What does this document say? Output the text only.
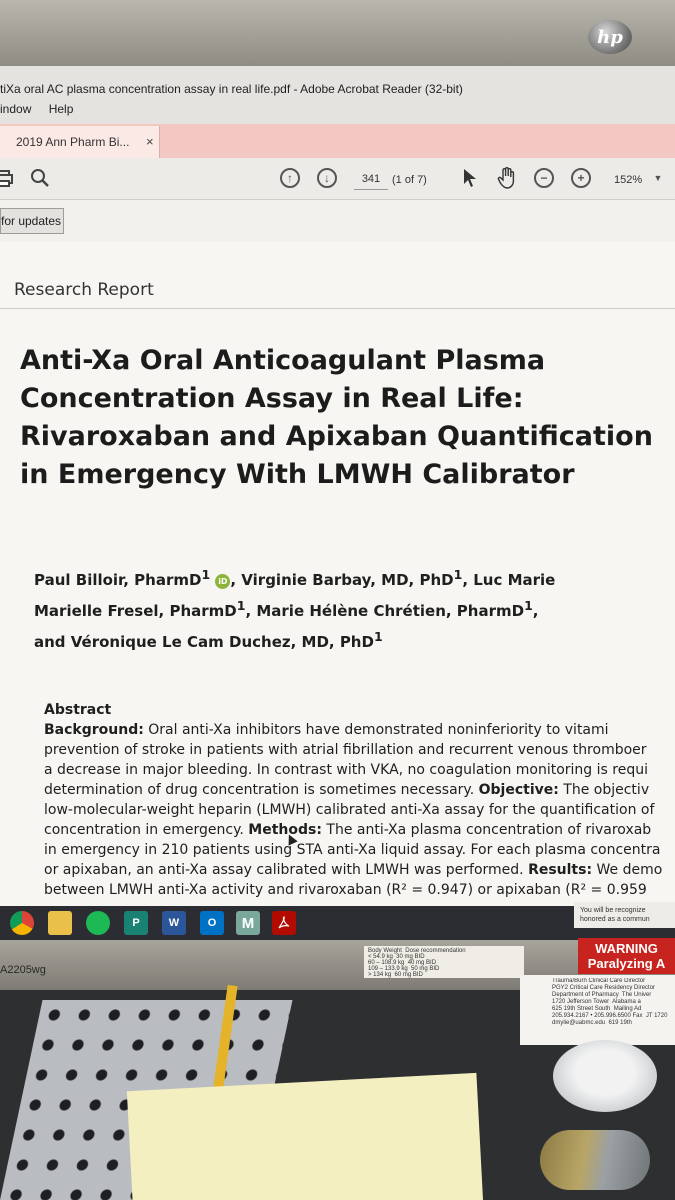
hp
tiXa oral AC plasma concentration assay in real life.pdf - Adobe Acrobat Reader (32-bit)
indow Help
2019 Ann Pharm Bi... ×
↑	↓	−	+	▼
341	(1 of 7)	152%
for updates
Research Report
Anti-Xa Oral Anticoagulant Plasma
Concentration Assay in Real Life:
Rivaroxaban and Apixaban Quantification
in Emergency With LMWH Calibrator
Paul Billoir, PharmD$^1$ iD , Virginie Barbay, MD, PhD$^1$, Luc Marie
Marielle Fresel, PharmD$^1$, Marie Hélène Chrétien, PharmD$^1$,
and Véronique Le Cam Duchez, MD, PhD$^1$
Abstract
Background: Oral anti-Xa inhibitors have demonstrated noninferiority to vitami
prevention of stroke in patients with atrial fibrillation and recurrent venous thromboer
a decrease in major bleeding. In contrast with VKA, no coagulation monitoring is requi
determination of drug concentration is sometimes necessary. Objective: The objectiv
low-molecular-weight heparin (LMWH) calibrated anti-Xa assay for the quantification of
concentration in emergency. Methods: The anti-Xa plasma concentration of rivaroxab
in emergency in 210 patients using STA anti-Xa liquid assay. For each plasma concentra
or apixaban, an anti-Xa assay calibrated with LMWH was performed. Results: We demo
between LMWH anti-Xa activity and rivaroxaban (R² = 0.947) or apixaban (R² = 0.959
P	W	O	M
You will be recognize
honored as a commun
A2205wg
Body Weight  Dose recommendation
< 54.9 kg  30 mg BID
60 – 108.9 kg  40 mg BID
109 – 133.9 kg  50 mg BID
> 134 kg  60 mg BID
WARNING
Paralyzing A
Trauma/Burn Clinical Care Director
PGY2 Critical Care Residency Director
Department of Pharmacy  The Univer
1720 Jefferson Tower  Alabama a
625 19th Street South  Mailing Ad
205.934.2167 • 205.996.6500 Fax  JT 1720
dmylie@uabmc.edu  619 19th
